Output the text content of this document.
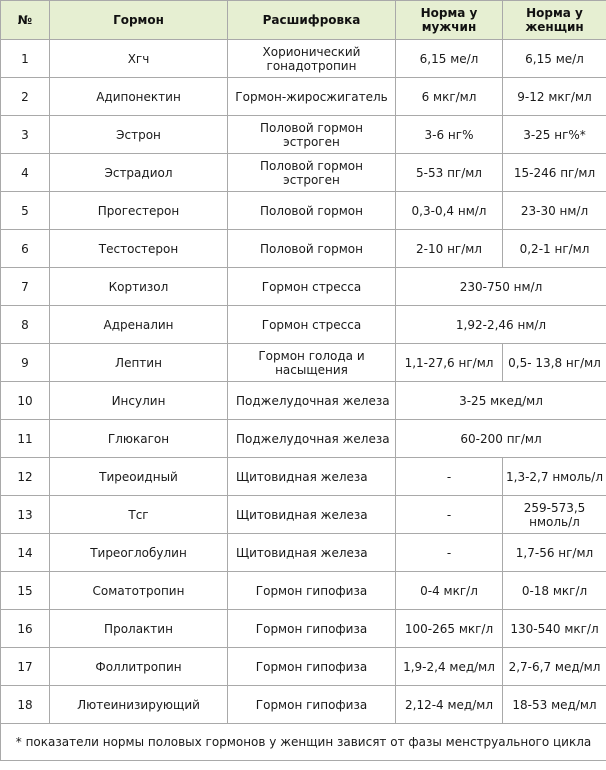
№	Гормон	Расшифровка	Норма у мужчин	Норма у женщин
1	Хгч	Хорионический гонадотропин	6,15 ме/л	6,15 ме/л
2	Адипонектин	Гормон-жиросжигатель	6 мкг/мл	9-12 мкг/мл
3	Эстрон	Половой гормон эстроген	3-6 нг%	3-25 нг%*
4	Эстрадиол	Половой гормон эстроген	5-53 пг/мл	15-246 пг/мл
5	Прогестерон	Половой гормон	0,3-0,4 нм/л	23-30 нм/л
6	Тестостерон	Половой гормон	2-10 нг/мл	0,2-1 нг/мл
7	Кортизол	Гормон стресса	230-750 нм/л	
8	Адреналин	Гормон стресса	1,92-2,46 нм/л	
9	Лептин	Гормон голода и насыщения	1,1-27,6 нг/мл	0,5- 13,8 нг/мл
10	Инсулин	Поджелудочная железа	3-25 мкед/мл	
11	Глюкагон	Поджелудочная железа	60-200 пг/мл	
12	Тиреоидный	Щитовидная железа	-	1,3-2,7 нмоль/л
13	Тсг	Щитовидная железа	-	259-573,5 нмоль/л
14	Тиреоглобулин	Щитовидная железа	-	1,7-56 нг/мл
15	Соматотропин	Гормон гипофиза	0-4 мкг/л	0-18 мкг/л
16	Пролактин	Гормон гипофиза	100-265 мкг/л	130-540 мкг/л
17	Фоллитропин	Гормон гипофиза	1,9-2,4 мед/мл	2,7-6,7 мед/мл
18	Лютеинизирующий	Гормон гипофиза	2,12-4 мед/мл	18-53 мед/мл
* показатели нормы половых гормонов у женщин зависят от фазы менструального цикла				
